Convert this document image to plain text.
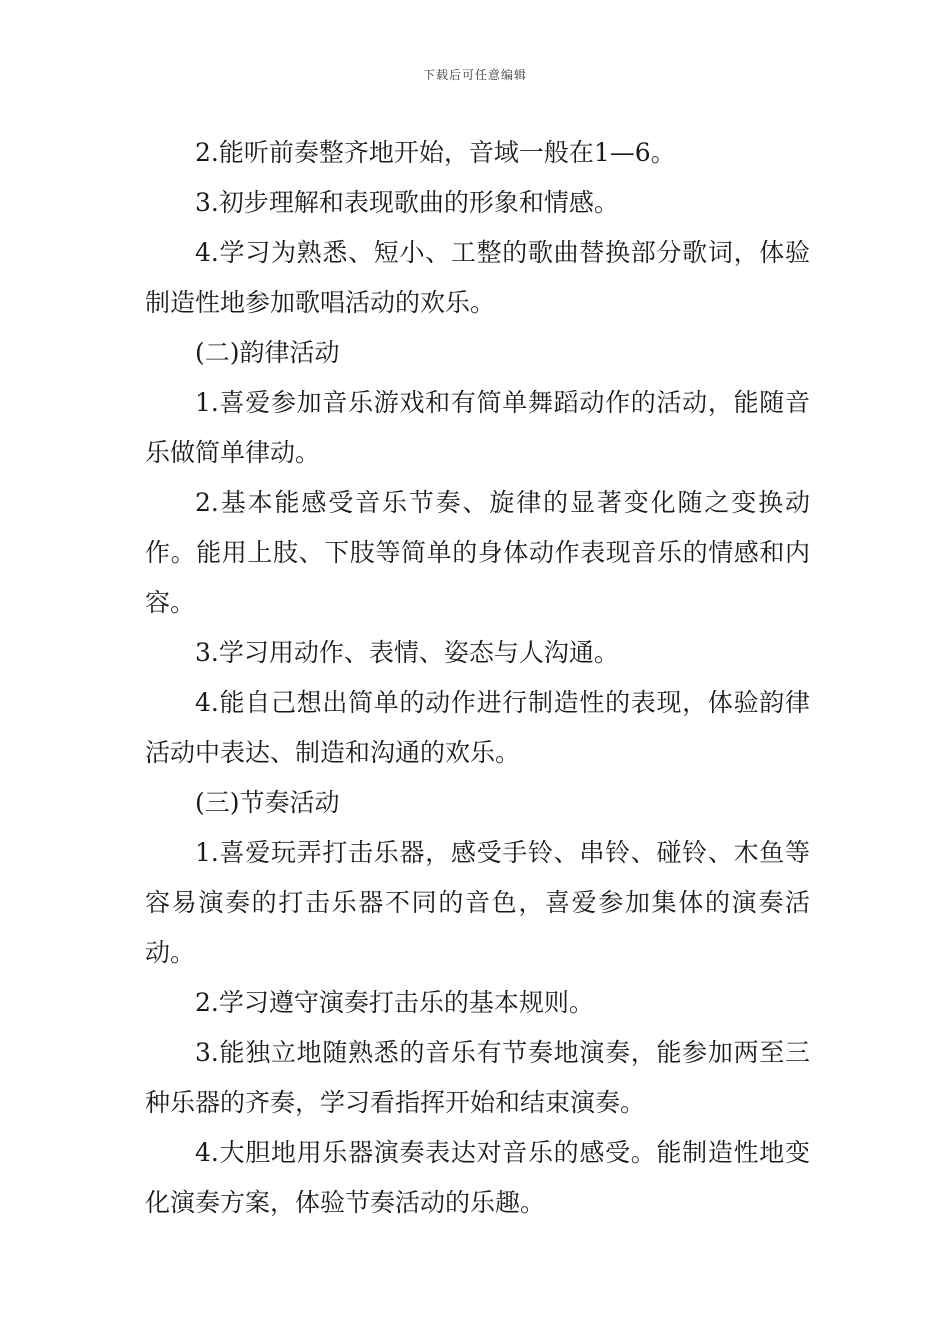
下载后可任意编辑

2.能听前奏整齐地开始，音域一般在1—6。

3.初步理解和表现歌曲的形象和情感。

4.学习为熟悉、短小、工整的歌曲替换部分歌词，体验制造性地参加歌唱活动的欢乐。

(二)韵律活动

1.喜爱参加音乐游戏和有简单舞蹈动作的活动，能随音乐做简单律动。

2.基本能感受音乐节奏、旋律的显著变化随之变换动作。能用上肢、下肢等简单的身体动作表现音乐的情感和内容。

3.学习用动作、表情、姿态与人沟通。

4.能自己想出简单的动作进行制造性的表现，体验韵律活动中表达、制造和沟通的欢乐。

(三)节奏活动

1.喜爱玩弄打击乐器，感受手铃、串铃、碰铃、木鱼等容易演奏的打击乐器不同的音色，喜爱参加集体的演奏活动。

2.学习遵守演奏打击乐的基本规则。

3.能独立地随熟悉的音乐有节奏地演奏，能参加两至三种乐器的齐奏，学习看指挥开始和结束演奏。

4.大胆地用乐器演奏表达对音乐的感受。能制造性地变化演奏方案，体验节奏活动的乐趣。
